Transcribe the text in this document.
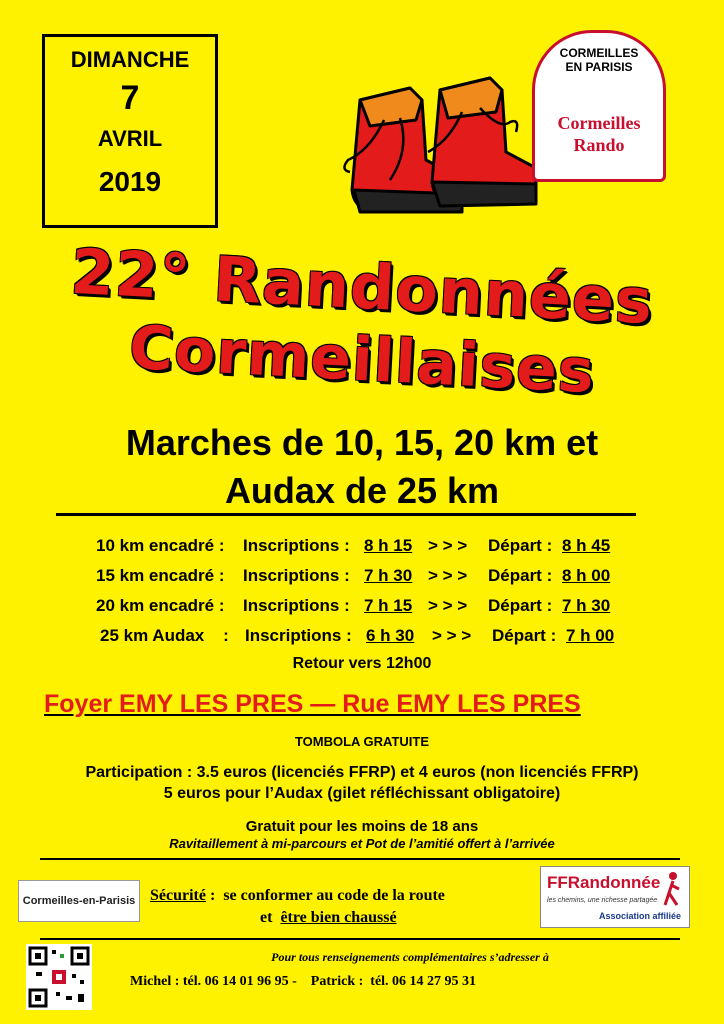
DIMANCHE
7
AVRIL
2019
CORMEILLES
EN PARISIS
Cormeilles
Rando
22° Randonnées
Cormeillaises
Marches de 10, 15, 20 km et
Audax de 25 km
10 km encadré : Inscriptions : 8 h 15 > > > Départ : 8 h 45
15 km encadré : Inscriptions : 7 h 30 > > > Départ : 8 h 00
20 km encadré : Inscriptions : 7 h 15 > > > Départ : 7 h 30
25 km Audax    : Inscriptions : 6 h 30 > > > Départ : 7 h 00
Retour vers 12h00
Foyer EMY LES PRES — Rue EMY LES PRES
TOMBOLA GRATUITE
Participation : 3.5 euros (licenciés FFRP) et 4 euros (non licenciés FFRP)
5 euros pour l’Audax (gilet réfléchissant obligatoire)
Gratuit pour les moins de 18 ans
Ravitaillement à mi-parcours et Pot de l’amitié offert à l’arrivée
Cormeilles-en-Parisis Sécurité :  se conformer au code de la route
et  être bien chaussé
FFRandonnée
les chemins, une richesse partagée
Association affiliée
Pour tous renseignements complémentaires s’adresser à
Michel : tél. 06 14 01 96 95 -    Patrick :  tél. 06 14 27 95 31
